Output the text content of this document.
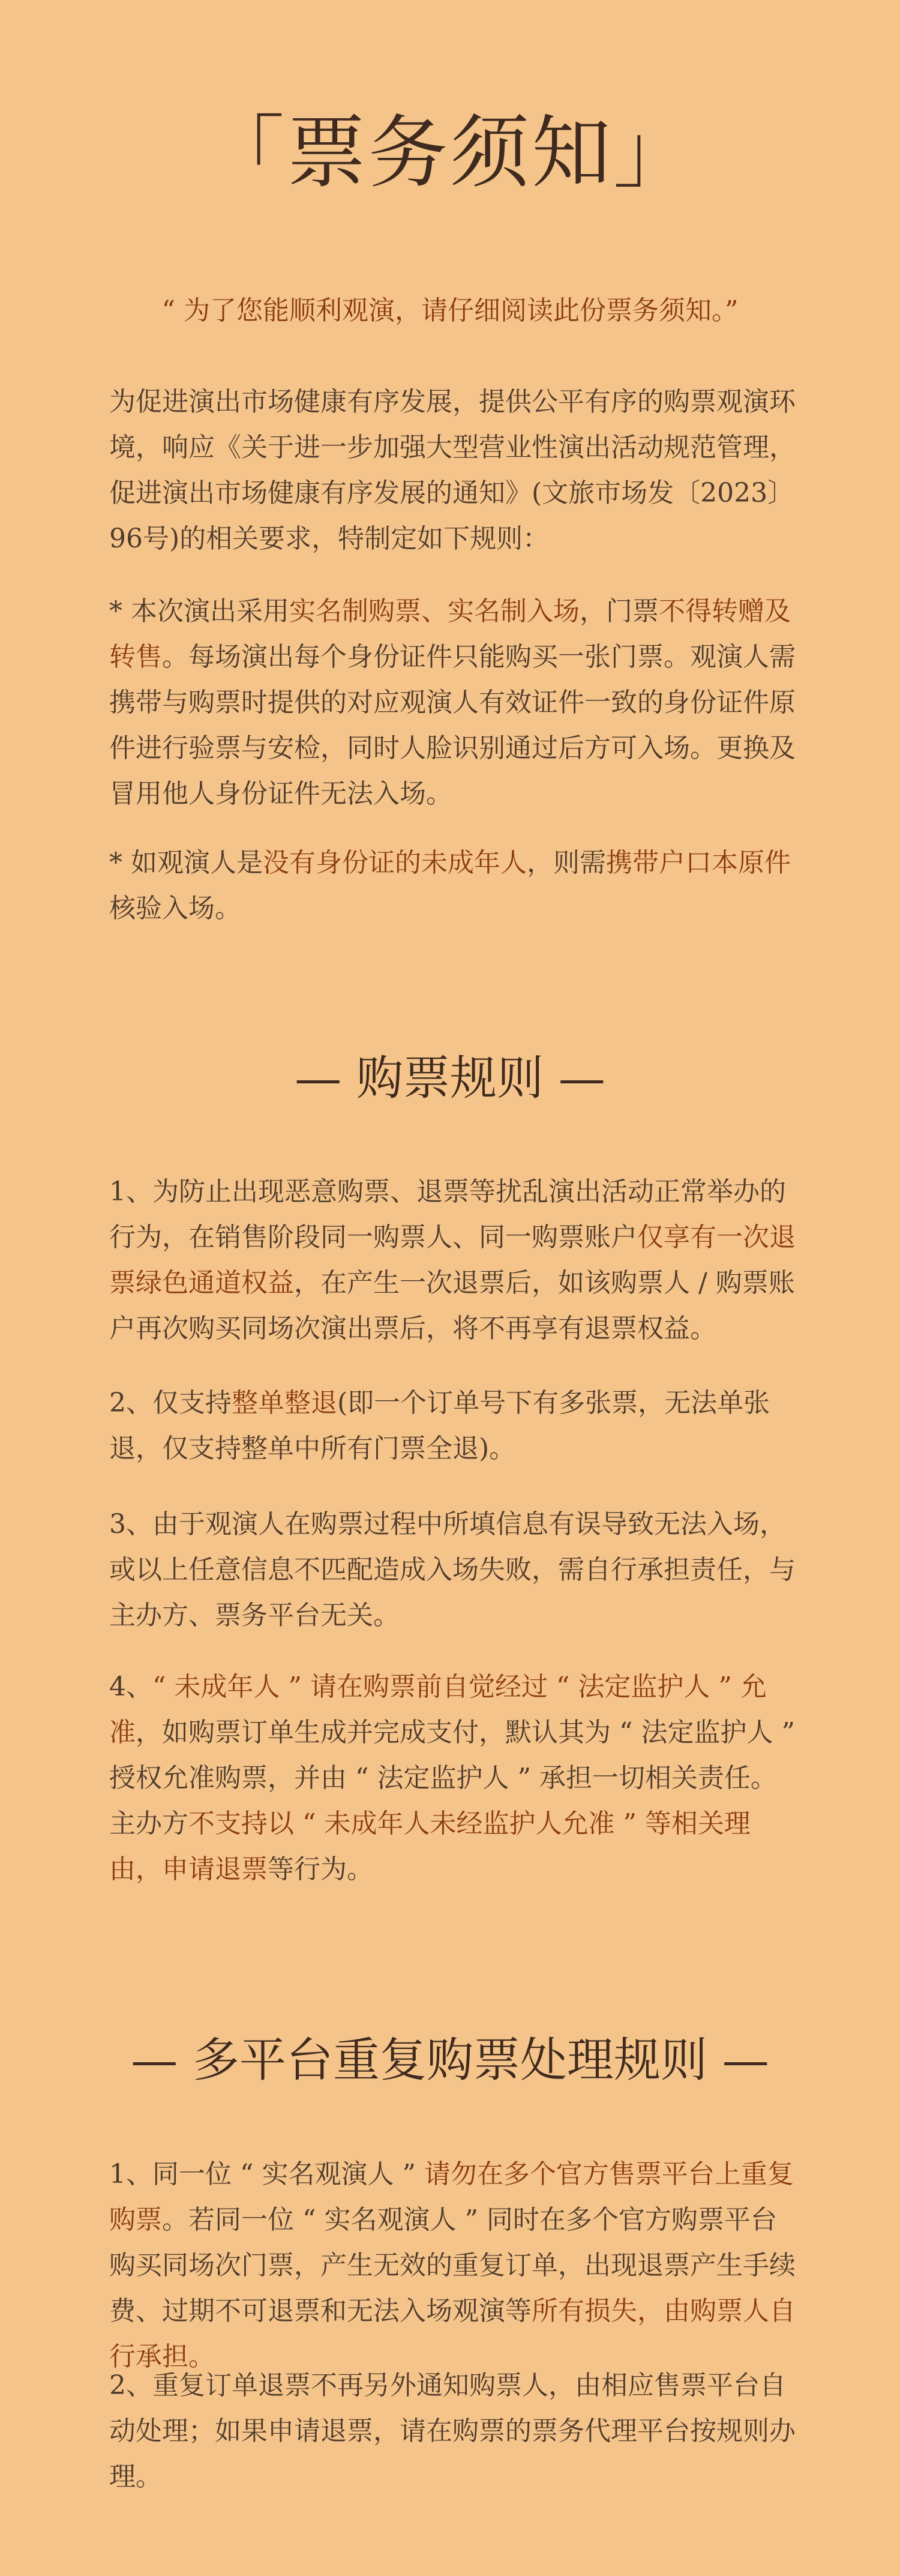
「票务须知」
“ 为了您能顺利观演，请仔细阅读此份票务须知。”

为促进演出市场健康有序发展，提供公平有序的购票观演环境，响应《关于进一步加强大型营业性演出活动规范管理，促进演出市场健康有序发展的通知》(文旅市场发〔2023〕96号)的相关要求，特制定如下规则：

* 本次演出采用实名制购票、实名制入场，门票不得转赠及转售。每场演出每个身份证件只能购买一张门票。观演人需携带与购票时提供的对应观演人有效证件一致的身份证件原件进行验票与安检，同时人脸识别通过后方可入场。更换及冒用他人身份证件无法入场。

* 如观演人是没有身份证的未成年人，则需携带户口本原件核验入场。

— 购票规则 —

1、为防止出现恶意购票、退票等扰乱演出活动正常举办的行为，在销售阶段同一购票人、同一购票账户仅享有一次退票绿色通道权益，在产生一次退票后，如该购票人 / 购票账户再次购买同场次演出票后，将不再享有退票权益。

2、仅支持整单整退(即一个订单号下有多张票，无法单张退，仅支持整单中所有门票全退)。

3、由于观演人在购票过程中所填信息有误导致无法入场，或以上任意信息不匹配造成入场失败，需自行承担责任，与主办方、票务平台无关。

4、“ 未成年人 ” 请在购票前自觉经过 “ 法定监护人 ” 允准，如购票订单生成并完成支付，默认其为 “ 法定监护人 ” 授权允准购票，并由 “ 法定监护人 ” 承担一切相关责任。主办方不支持以 “ 未成年人未经监护人允准 ” 等相关理由，申请退票等行为。

— 多平台重复购票处理规则 —

1、同一位 “ 实名观演人 ” 请勿在多个官方售票平台上重复购票。若同一位 “ 实名观演人 ” 同时在多个官方购票平台购买同场次门票，产生无效的重复订单，出现退票产生手续费、过期不可退票和无法入场观演等所有损失，由购票人自行承担。

2、重复订单退票不再另外通知购票人，由相应售票平台自动处理；如果申请退票，请在购票的票务代理平台按规则办理。
